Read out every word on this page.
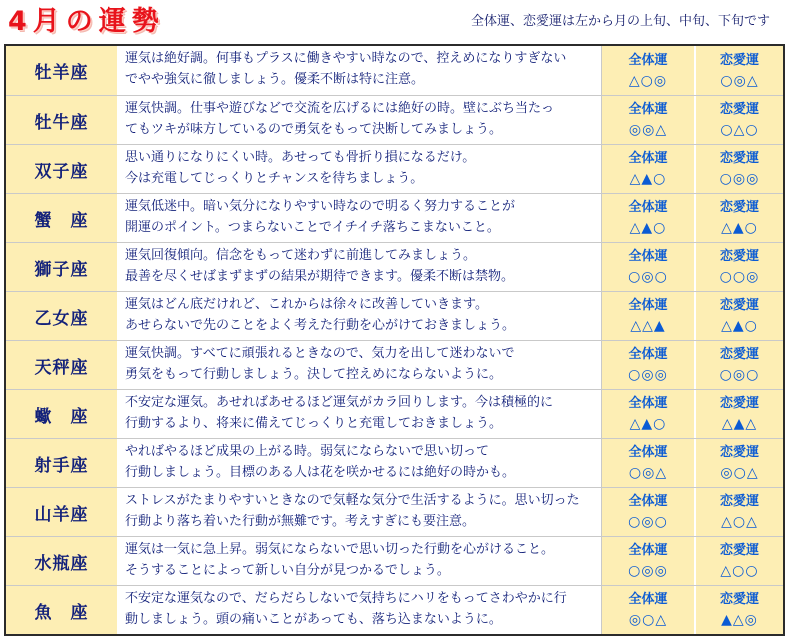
4月の運勢	全体運、恋愛運は左から月の上旬、中旬、下旬です
牡羊座
運気は絶好調。何事もプラスに働きやすい時なので、控えめになりすぎない
でやや強気に徹しましょう。優柔不断は特に注意。
全体運
△○◎
恋愛運
○◎△
牡牛座
運気快調。仕事や遊びなどで交流を広げるには絶好の時。壁にぶち当たっ
てもツキが味方しているので勇気をもって決断してみましょう。
全体運
◎◎△
恋愛運
○△○
双子座
思い通りになりにくい時。あせっても骨折り損になるだけ。
今は充電してじっくりとチャンスを待ちましょう。
全体運
△▲○
恋愛運
○◎◎
蟹　座
運気低迷中。暗い気分になりやすい時なので明るく努力することが
開運のポイント。つまらないことでイチイチ落ちこまないこと。
全体運
△▲○
恋愛運
△▲○
獅子座
運気回復傾向。信念をもって迷わずに前進してみましょう。
最善を尽くせばまずまずの結果が期待できます。優柔不断は禁物。
全体運
○◎○
恋愛運
○○◎
乙女座
運気はどん底だけれど、これからは徐々に改善していきます。
あせらないで先のことをよく考えた行動を心がけておきましょう。
全体運
△△▲
恋愛運
△▲○
天秤座
運気快調。すべてに頑張れるときなので、気力を出して迷わないで
勇気をもって行動しましょう。決して控えめにならないように。
全体運
○◎◎
恋愛運
○◎○
蠍　座
不安定な運気。あせればあせるほど運気がカラ回りします。今は積極的に
行動するより、将来に備えてじっくりと充電しておきましょう。
全体運
△▲○
恋愛運
△▲△
射手座
やればやるほど成果の上がる時。弱気にならないで思い切って
行動しましょう。目標のある人は花を咲かせるには絶好の時かも。
全体運
○◎△
恋愛運
◎○△
山羊座
ストレスがたまりやすいときなので気軽な気分で生活するように。思い切った
行動より落ち着いた行動が無難です。考えすぎにも要注意。
全体運
○◎○
恋愛運
△○△
水瓶座
運気は一気に急上昇。弱気にならないで思い切った行動を心がけること。
そうすることによって新しい自分が見つかるでしょう。
全体運
○◎◎
恋愛運
△○○
魚　座
不安定な運気なので、だらだらしないで気持ちにハリをもってさわやかに行
動しましょう。頭の痛いことがあっても、落ち込まないように。
全体運
◎○△
恋愛運
▲△◎
